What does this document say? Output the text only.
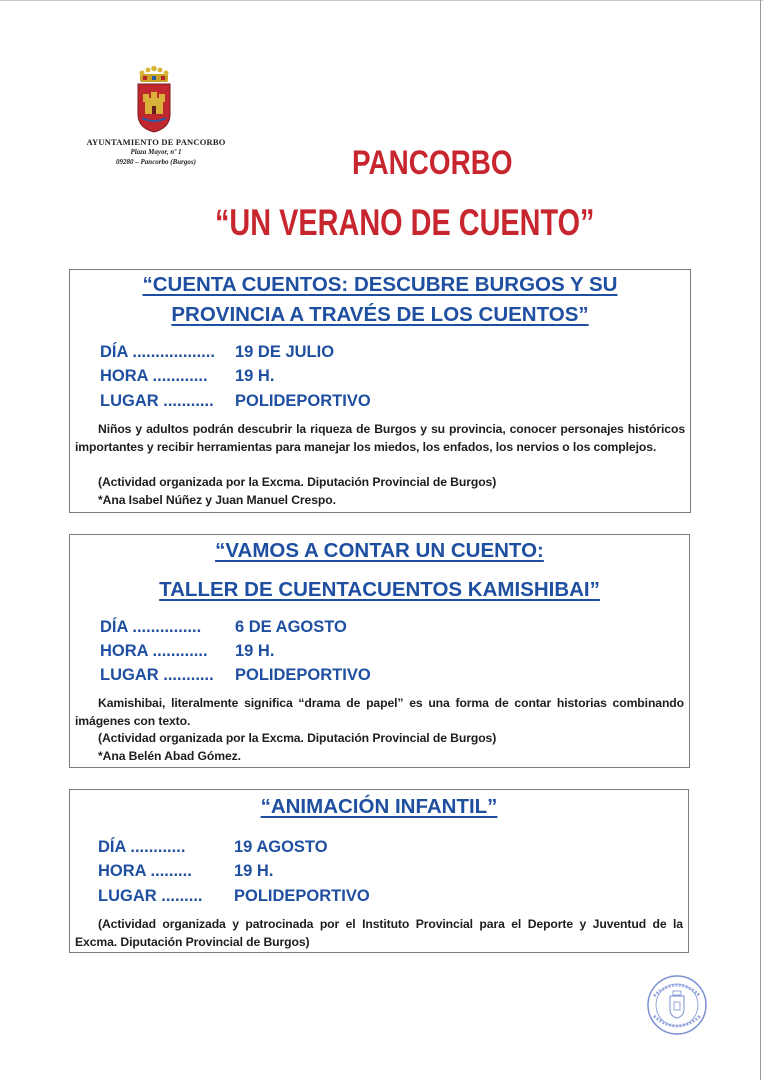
AYUNTAMIENTO DE PANCORBO
Plaza Mayor, nº 1
09280 – Pancorbo (Burgos)	PANCORBO
“UN VERANO DE CUENTO”
“CUENTA CUENTOS: DESCUBRE BURGOS Y SU
PROVINCIA A TRAVÉS DE LOS CUENTOS”
DÍA .................. 19 DE JULIO
HORA ............ 19 H.
LUGAR ........... POLIDEPORTIVO
Niños y adultos podrán descubrir la riqueza de Burgos y su provincia, conocer personajes históricos importantes y recibir herramientas para manejar los miedos, los enfados, los nervios o los complejos.
(Actividad organizada por la Excma. Diputación Provincial de Burgos)
*Ana Isabel Núñez y Juan Manuel Crespo.
“VAMOS A CONTAR UN CUENTO:
TALLER DE CUENTACUENTOS KAMISHIBAI”
DÍA ............... 6 DE AGOSTO
HORA ............ 19 H.
LUGAR ........... POLIDEPORTIVO
Kamishibai, literalmente significa “drama de papel” es una forma de contar historias combinando imágenes con texto.
(Actividad organizada por la Excma. Diputación Provincial de Burgos)
*Ana Belén Abad Gómez.
“ANIMACIÓN INFANTIL”
DÍA ............	19 AGOSTO
HORA .........	19 H.
LUGAR ......... POLIDEPORTIVO
(Actividad organizada y patrocinada por el Instituto Provincial para el Deporte y Juventud de la Excma. Diputación Provincial de Burgos)
